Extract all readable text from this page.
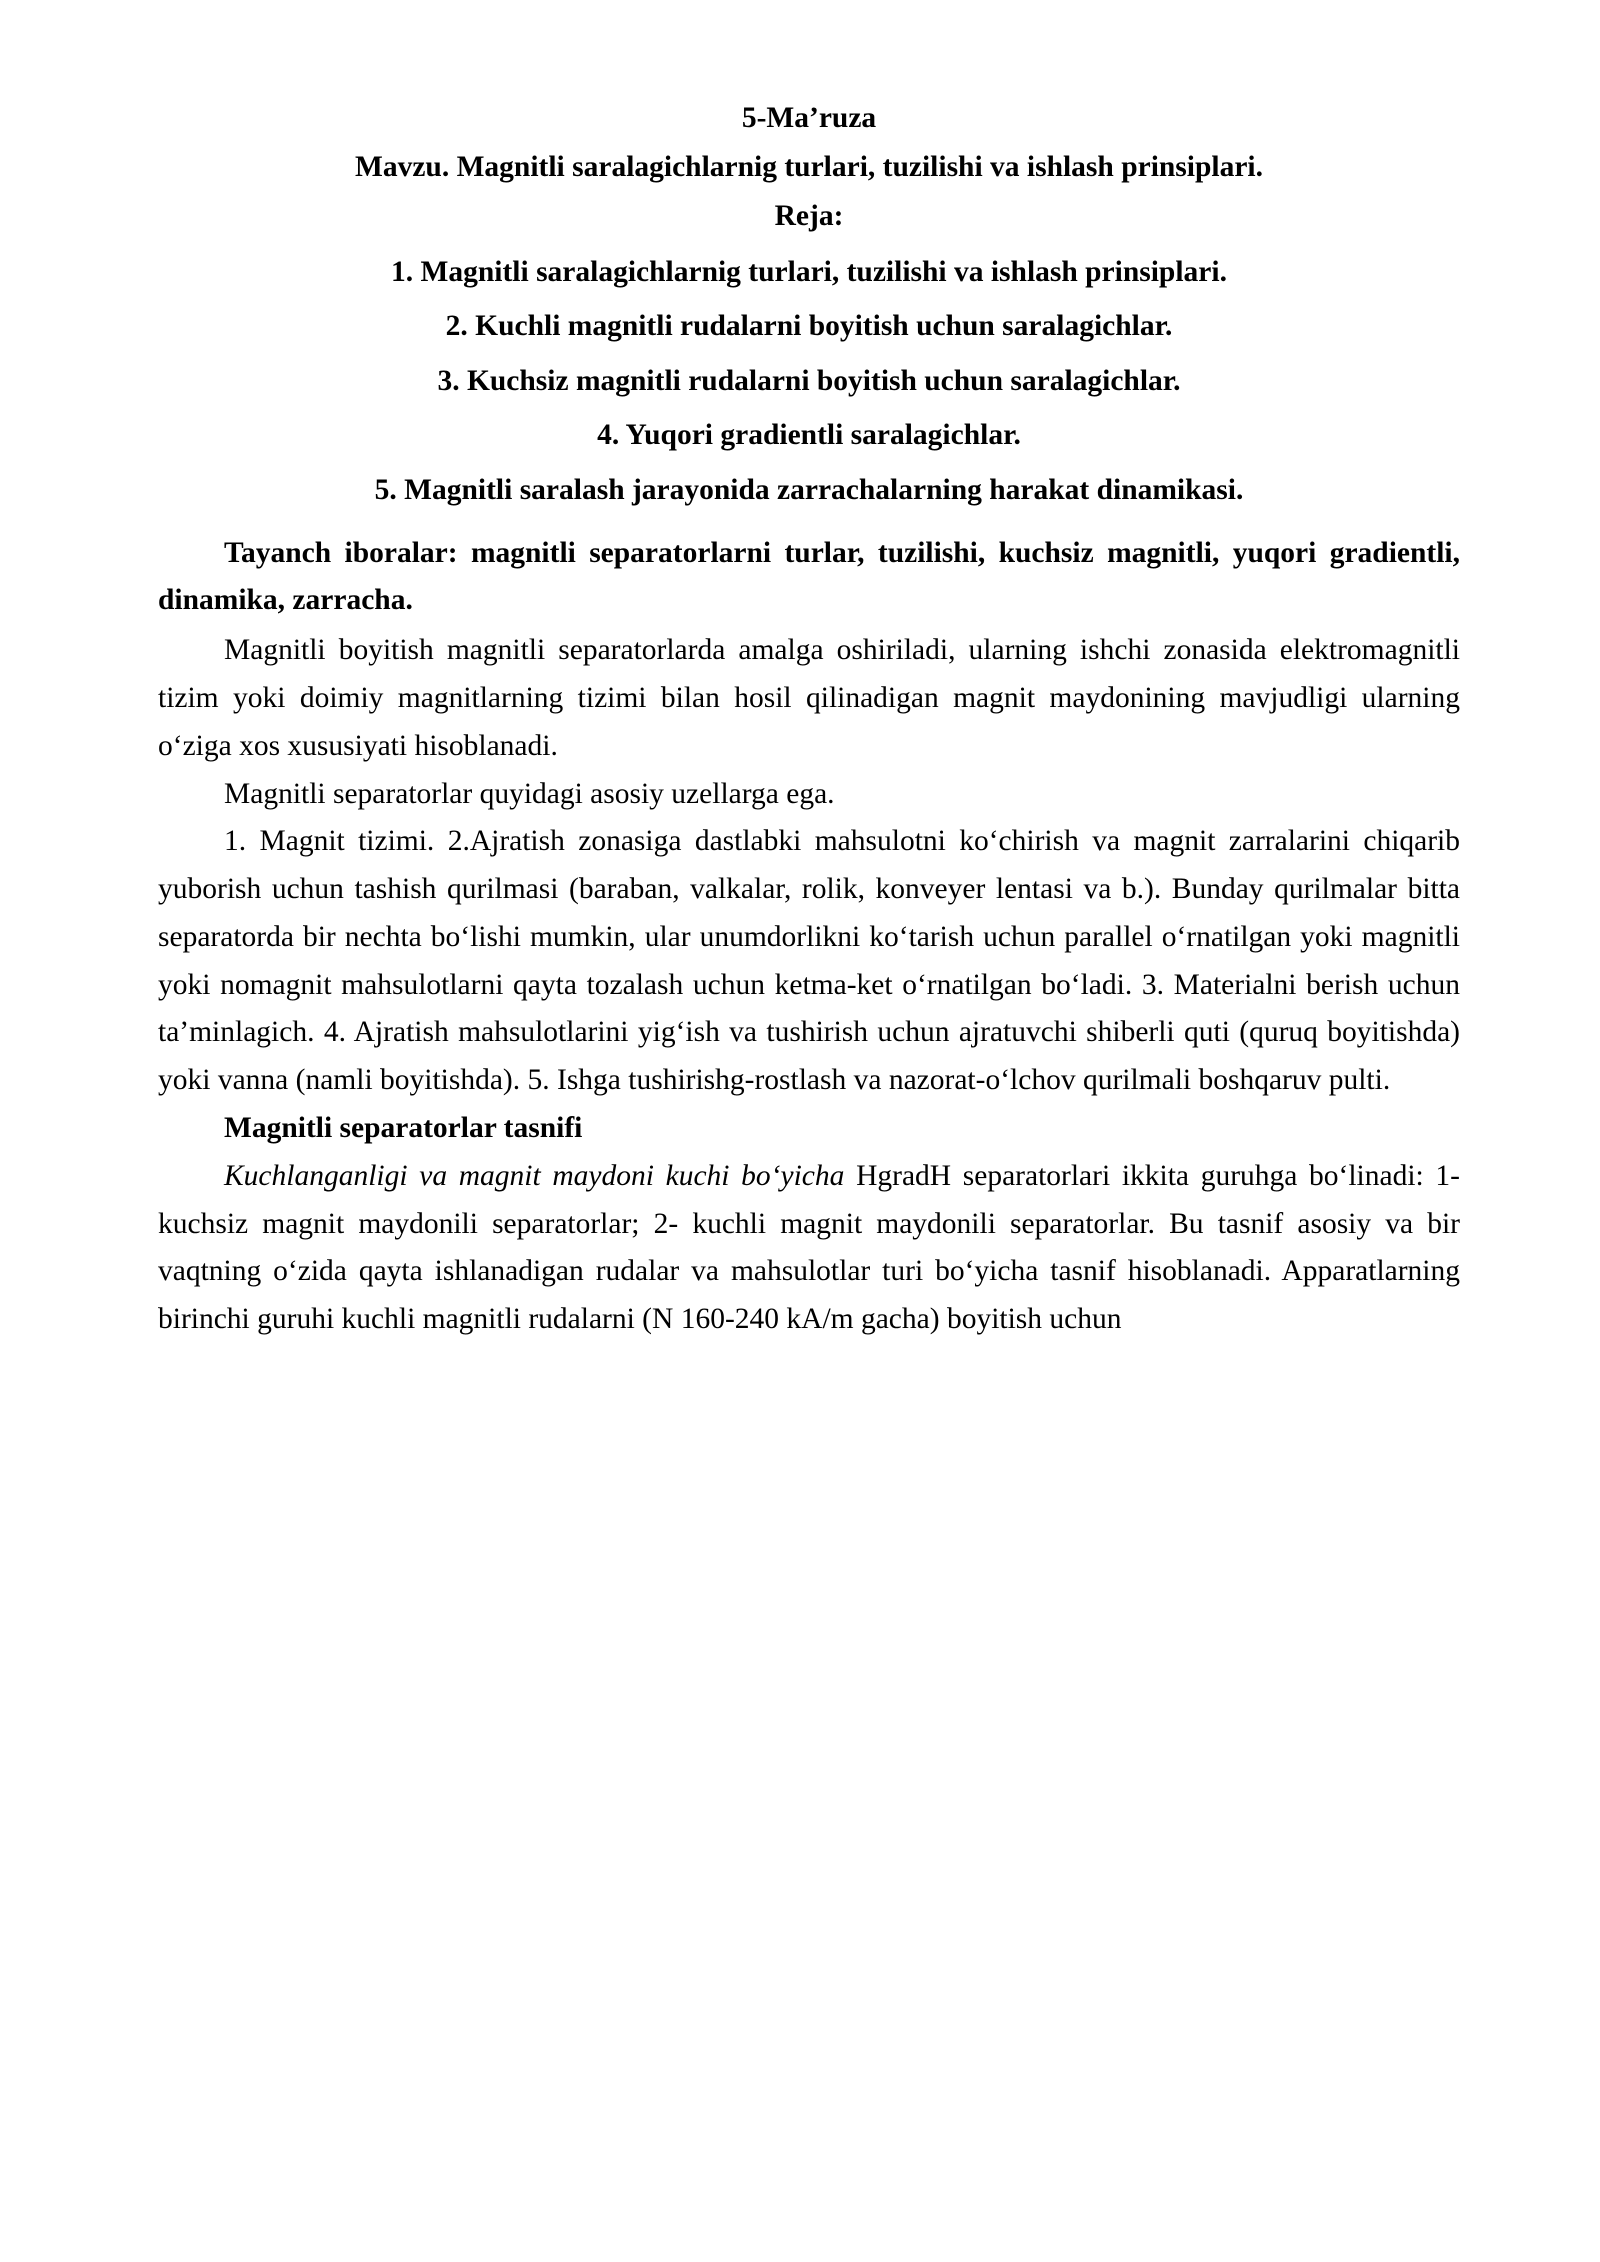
5-Ma’ruza
Mavzu. Magnitli saralagichlarnig turlari, tuzilishi va ishlash prinsiplari.
Reja:
1. Magnitli saralagichlarnig turlari, tuzilishi va ishlash prinsiplari.
2. Kuchli magnitli rudalarni boyitish uchun saralagichlar.
3. Kuchsiz magnitli rudalarni boyitish uchun saralagichlar.
4. Yuqori gradientli saralagichlar.
5. Magnitli saralash jarayonida zarrachalarning harakat dinamikasi.

Tayanch iboralar: magnitli separatorlarni turlar, tuzilishi, kuchsiz magnitli, yuqori gradientli, dinamika, zarracha.

Magnitli boyitish magnitli separatorlarda amalga oshiriladi, ularning ishchi zonasida elektromagnitli tizim yoki doimiy magnitlarning tizimi bilan hosil qilinadigan magnit maydonining mavjudligi ularning o‘ziga xos xususiyati hisoblanadi.

Magnitli separatorlar quyidagi asosiy uzellarga ega.

1. Magnit tizimi. 2.Ajratish zonasiga dastlabki mahsulotni ko‘chirish va magnit zarralarini chiqarib yuborish uchun tashish qurilmasi (baraban, valkalar, rolik, konveyer lentasi va b.). Bunday qurilmalar bitta separatorda bir nechta bo‘lishi mumkin, ular unumdorlikni ko‘tarish uchun parallel o‘rnatilgan yoki magnitli yoki nomagnit mahsulotlarni qayta tozalash uchun ketma-ket o‘rnatilgan bo‘ladi. 3. Materialni berish uchun ta’minlagich. 4. Ajratish mahsulotlarini yig‘ish va tushirish uchun ajratuvchi shiberli quti (quruq boyitishda) yoki vanna (namli boyitishda). 5. Ishga tushirishg-rostlash va nazorat-o‘lchov qurilmali boshqaruv pulti.

Magnitli separatorlar tasnifi

Kuchlanganligi va magnit maydoni kuchi bo‘yicha HgradH separatorlari ikkita guruhga bo‘linadi: 1- kuchsiz magnit maydonili separatorlar; 2- kuchli magnit maydonili separatorlar. Bu tasnif asosiy va bir vaqtning o‘zida qayta ishlanadigan rudalar va mahsulotlar turi bo‘yicha tasnif hisoblanadi. Apparatlarning birinchi guruhi kuchli magnitli rudalarni (N 160-240 kA/m gacha) boyitish uchun
